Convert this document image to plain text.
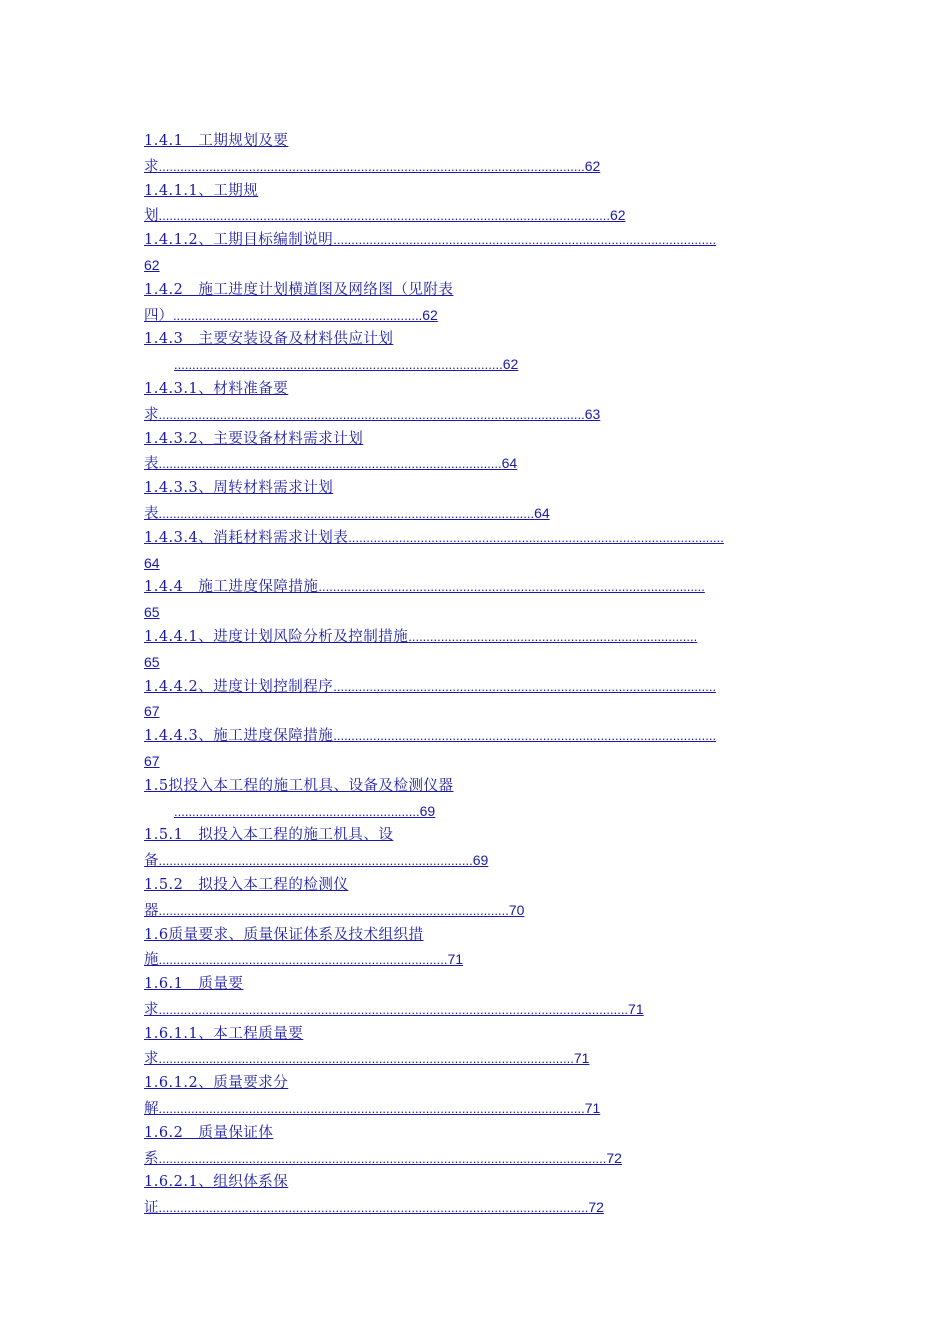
1.4.1　工期规划及要
求......................................................................................................................62
1.4.1.1、工期规
划.............................................................................................................................62
1.4.1.2、工期目标编制说明..........................................................................................................
62
1.4.2　施工进度计划横道图及网络图（见附表
四）.....................................................................62
1.4.3　主要安装设备及材料供应计划
...........................................................................................62
1.4.3.1、材料准备要
求......................................................................................................................63
1.4.3.2、主要设备材料需求计划
表...............................................................................................64
1.4.3.3、周转材料需求计划
表........................................................................................................64
1.4.3.4、消耗材料需求计划表........................................................................................................
64
1.4.4　施工进度保障措施...........................................................................................................
65
1.4.4.1、进度计划风险分析及控制措施................................................................................
65
1.4.4.2、进度计划控制程序..........................................................................................................
67
1.4.4.3、施工进度保障措施..........................................................................................................
67
1.5拟投入本工程的施工机具、设备及检测仪器
....................................................................69
1.5.1　拟投入本工程的施工机具、设
备.......................................................................................69
1.5.2　拟投入本工程的检测仪
器.................................................................................................70
1.6质量要求、质量保证体系及技术组织措
施................................................................................71
1.6.1　质量要
求..................................................................................................................................71
1.6.1.1、本工程质量要
求...................................................................................................................71
1.6.1.2、质量要求分
解......................................................................................................................71
1.6.2　质量保证体
系............................................................................................................................72
1.6.2.1、组织体系保
证.......................................................................................................................72
